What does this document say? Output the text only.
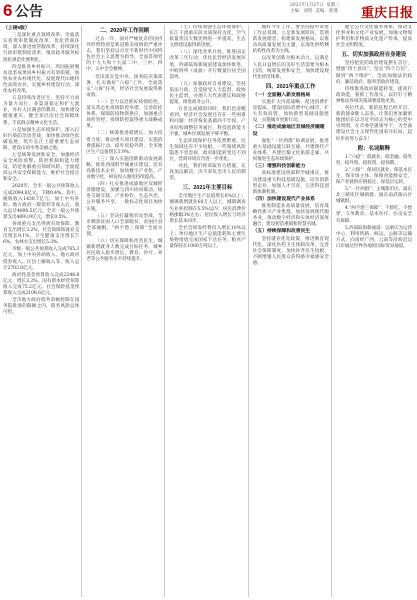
6 公告	2021年1月27日  星期三
主编：刘明  美编：郭燕 重庆日报
（上接5版）

三是深化重点领域改革。全面落实投资审批制度改革，优化营商环境，深入推进放管服改革，持续深化行政审批制度改革，推动政务服务标准化规范化便利化。

四是推进乡村振兴。巩固拓展脱贫攻坚成果同乡村振兴有效衔接，加快农业农村现代化，发展现代山地特色高效农业，实施乡村建设行动，深化农村改革。

五是持续改善民生。坚持尽力而为量力而行，多渠道稳定和扩大就业，办好人民满意的教育，加快建设健康重庆，健全多层次社会保障体系，丰富群众精神文化生活。

六是加强生态环境保护。深入打好污染防治攻坚战，加快推动绿色低碳发展，筑牢长江上游重要生态屏障，建设山清水秀美丽之地。

七是统筹发展和安全。加强经济安全风险预警、防控机制和能力建设，防范化解重点领域风险，全面提高公共安全保障能力，维护社会稳定和安全。

2020年，全市一般公共预算收入完成2094.8亿元，下降0.4%。其中，税收收入1430.7亿元。加上中央补助、地方政府一般债券等收入后，收入总计4890.5亿元。全市一般公共预算支出4893.9亿元，增长0.5%。

各项重点支出得到有效保障。教育支出增长3.2%，社会保障和就业支出增长9.1%，卫生健康支出增长7.6%，农林水支出增长5.3%。

市级一般公共预算收入完成765.3亿元，加上中央补助收入、地方政府债券收入、区县上解收入等，收入总计2703.8亿元。

政府性基金预算收入完成2346.8亿元，增长3.2%。国有资本经营预算收入完成75.2亿元。社会保险基金预算收入完成2108.6亿元。

全市地方政府债务余额控制在国务院批准的限额之内，债务风险总体可控。

二、2020年工作回顾

过去一年，面对严峻复杂的国内外形势特别是新冠肺炎疫情的严重冲击，我们坚持以习近平新时代中国特色社会主义思想为指导，全面贯彻党的十九大和十九届二中、三中、四中、五中全会精神。

坚决落实党中央、国务院决策部署，扎实做好“六稳”工作、全面落实“六保”任务，经济社会发展取得新成效。

（一）全力以赴抓好疫情防控。落实常态化疫情防控举措，完善防控体系，保障防疫物资供应，加强重点场所管控，疫情防控取得重大战略成果。

（二）统筹推进稳增长。加大投资力度，推动重大项目建设，实施消费提振行动，稳外贸稳外资，全市地区生产总值增长3.9%。

（三）深入实施创新驱动发展战略。推进西部科学城重庆建设，培育高新技术企业，加快数字产业化、产业数字化，研发投入强度持续提高。

（四）扎实推进成渝地区双城经济圈建设。加强与四川协同联动，推进交通互联、产业协作、生态共治、公共服务共享，一批标志性项目加快实施。

（五）坚决打赢脱贫攻坚战。全市剩余贫困人口全部脱贫，贫困区县全部摘帽，“两不愁三保障”全面实现。

（六）切实保障和改善民生。城镇新增就业人数完成目标任务，城乡居民收入稳步增长，教育、医疗、养老等公共服务水平持续提升。

（七）持续加强生态环境保护。长江干流重庆段水质保持为优，空气质量优良天数比例进一步提高，生态文明建设取得新进展。

（八）深化改革开放。推进国企改革三年行动，优化民营经济发展环境，西部陆海新通道建设加快推进，中欧班列（成渝）开行数量位居全国前列。

（九）加强政府自身建设。坚持依法行政，自觉接受人大监督、政协民主监督，办理人大代表建议和政协提案，推进政务公开。

在肯定成绩的同时，我们也清醒看到，经济社会发展还存在一些困难和问题：经济恢复基础尚不牢固，产业结构调整任务艰巨，科技创新能力不强，城乡区域发展不够平衡。

生态环境保护任务依然繁重，民生领域还有不少短板，一些领域风险隐患不容忽视，政府职能转变还不到位，营商环境有待进一步优化。

对此，我们将采取有力措施，认真加以解决，决不辜负全市人民的期望。

三、2021年主要目标

全市地区生产总值增长6%以上；城镇新增就业60万人以上，城镇调查失业率控制在5.5%以内；居民消费价格涨幅3%左右；居民收入增长与经济增长基本同步。

全社会研发经费投入增长10%以上；单位地区生产总值能耗和主要污染物排放完成国家下达任务；粮食产量保持在1080万吨以上。

做好今年工作，要坚持稳中求进工作总基调，立足新发展阶段，贯彻新发展理念，构建新发展格局，以推动高质量发展为主题，以深化供给侧结构性改革为主线。

以改革创新为根本动力，以满足人民日益增长的美好生活需要为根本目的，统筹发展和安全，加快建设现代化经济体系。

四、2021年重点工作
（一）全面融入新发展格局

实施扩大内需战略，促进消费扩容提质，建设国际消费中心城市，扩大有效投资，加快新型基础设施建设，实施城市更新行动。

（二）推动成渝地区双城经济圈建设

强化“一区两群”协调发展，推进重大基础设施互联互通，共建现代产业体系，共建巴蜀文化旅游走廊，共同推进生态环境保护。

（三）增强科技创新能力

高标准建设西部科学城重庆，推动建设重大科技基础设施，培育创新型企业，加强人才引育，完善科技创新体制机制。

（四）加快建设现代产业体系

推进制造业高质量发展，培育战略性新兴产业集群，加快发展现代服务业，推动数字经济和实体经济深度融合，建设智造重镇和智慧名城。

（五）持续保障和改善民生

坚持就业优先政策，推进教育现代化，深化医药卫生体制改革，完善社会保障制度，加快补齐民生短板，不断增强人民群众获得感幸福感安全感。

健全公共文化服务体系，推动文化事业和文化产业发展，加强文物保护利用和非物质文化遗产传承，提高社会文明程度。

五、切实加强政府自身建设

坚持把党的政治建设摆在首位，增强“四个意识”、坚定“四个自信”、做到“两个维护”，全面加强法治政府、廉洁政府、服务型政府建设。

持续推进政府职能转变，提高行政效能，狠抓工作落实，以钉钉子精神推动各项决策部署落地见效。

各位代表，新的征程已经开启，新的使命催人奋进。让我们更加紧密地团结在以习近平同志为核心的党中央周围，在市委坚强领导下，为全面建设社会主义现代化国家开好局、起好步而努力奋斗！

附：名词解释

1.“六稳”：稳就业、稳金融、稳外贸、稳外资、稳投资、稳预期。

2.“六保”：保居民就业、保基本民生、保市场主体、保粮食能源安全、保产业链供应链稳定、保基层运转。

3.“一区两群”：主城都市区、渝东北三峡库区城镇群、渝东南武陵山区城镇群。

4.“两不愁三保障”：不愁吃、不愁穿，义务教育、基本医疗、住房安全有保障。

5.西部陆海新通道：以重庆为运营中心，利用铁路、海运、公路等运输方式，向南经广西、云南等沿海沿边口岸通达世界各地的国际贸易通道。
